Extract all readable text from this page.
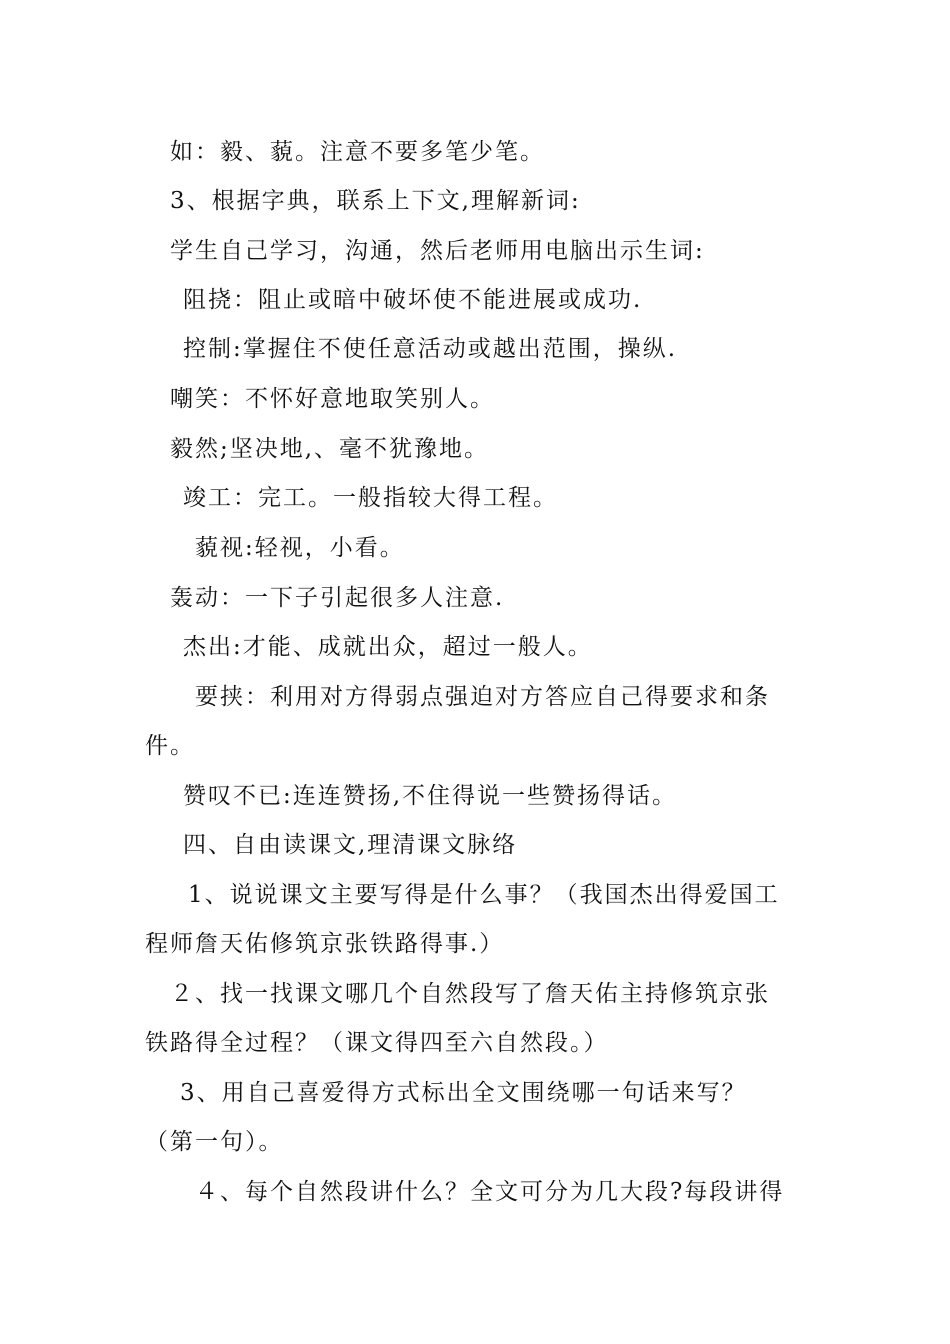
如：毅、藐。注意不要多笔少笔。
3、根据字典，联系上下文,理解新词:
学生自己学习，沟通，然后老师用电脑出示生词:
阻挠：阻止或暗中破坏使不能进展或成功.
控制:掌握住不使任意活动或越出范围，操纵.
嘲笑：不怀好意地取笑别人。
毅然;坚决地,、毫不犹豫地。
竣工：完工。一般指较大得工程。
藐视:轻视，小看。
轰动：一下子引起很多人注意.
杰出:才能、成就出众，超过一般人。
要挟：利用对方得弱点强迫对方答应自己得要求和条
件。
赞叹不已:连连赞扬,不住得说一些赞扬得话。
四、自由读课文,理清课文脉络
1、说说课文主要写得是什么事？（我国杰出得爱国工
程师詹天佑修筑京张铁路得事.）
２、找一找课文哪几个自然段写了詹天佑主持修筑京张
铁路得全过程？（课文得四至六自然段。）
3、用自己喜爱得方式标出全文围绕哪一句话来写？
（第一句）。
４、每个自然段讲什么？全文可分为几大段?每段讲得
